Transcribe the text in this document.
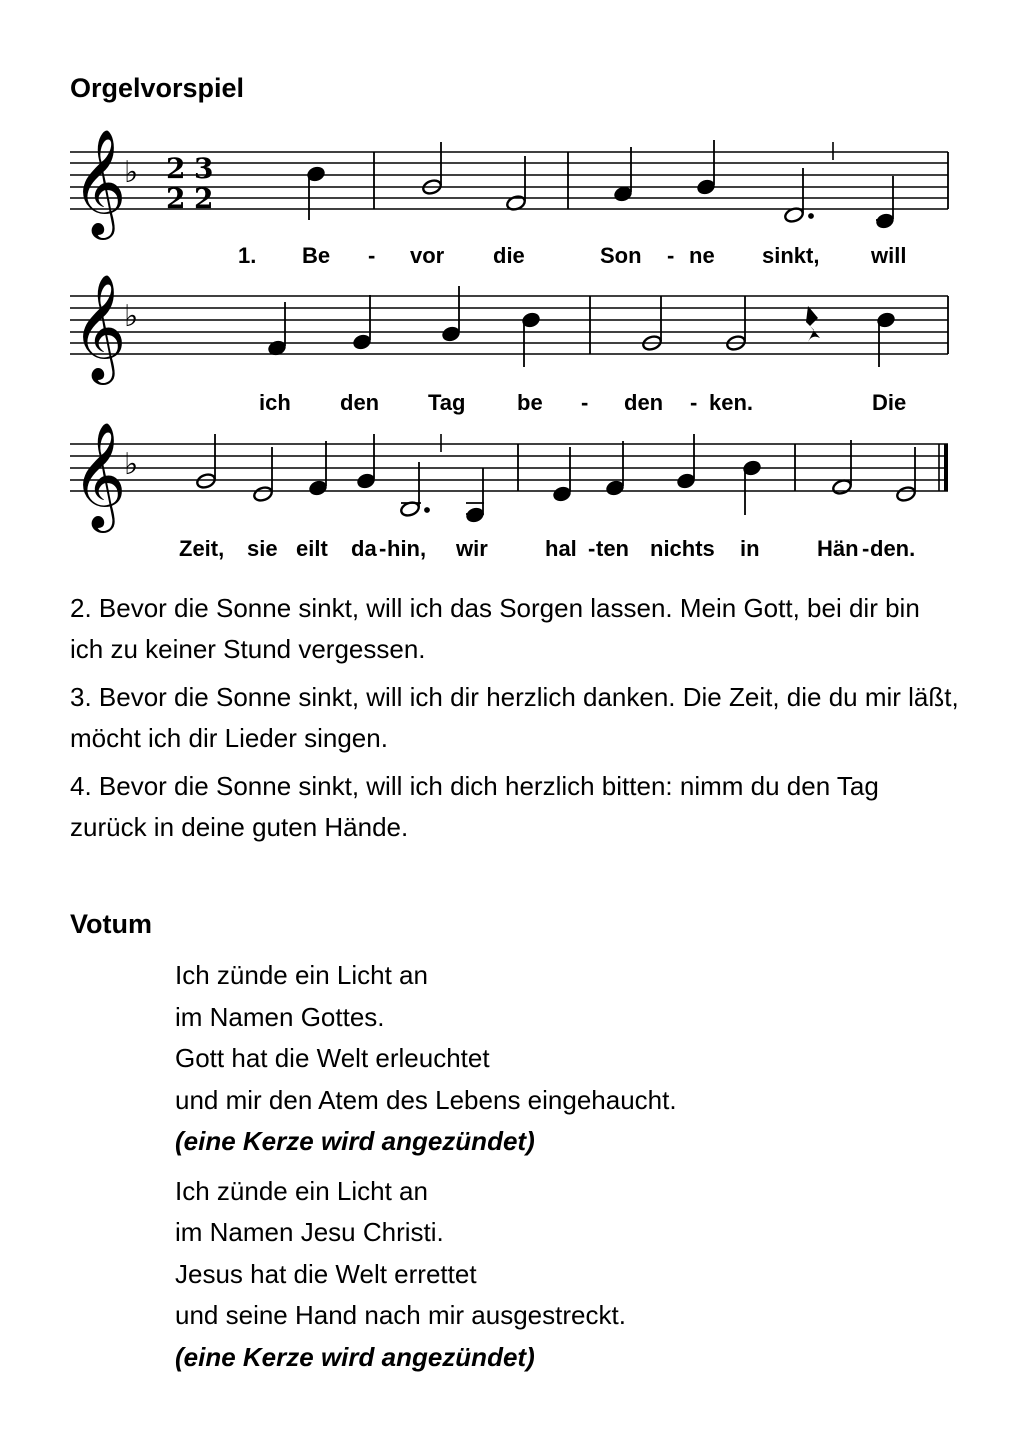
Orgelvorspiel
𝄞
♭ 2 3
2 2
1. Be - vor die	Son - ne sinkt, will
𝄞
♭
ich den Tag be - den - ken.	Die
𝄞
♭
Zeit, sie eilt da - hin, wir	hal - ten nichts in	Hän - den.

2. Bevor die Sonne sinkt, will ich das Sorgen lassen. Mein Gott, bei dir bin ich zu keiner Stund vergessen.

3. Bevor die Sonne sinkt, will ich dir herzlich danken. Die Zeit, die du mir läßt, möcht ich dir Lieder singen.

4. Bevor die Sonne sinkt, will ich dich herzlich bitten: nimm du den Tag zurück in deine guten Hände.

Votum
Ich zünde ein Licht an
im Namen Gottes.
Gott hat die Welt erleuchtet
und mir den Atem des Lebens eingehaucht.
(eine Kerze wird angezündet)
Ich zünde ein Licht an
im Namen Jesu Christi.
Jesus hat die Welt errettet
und seine Hand nach mir ausgestreckt.
(eine Kerze wird angezündet)
